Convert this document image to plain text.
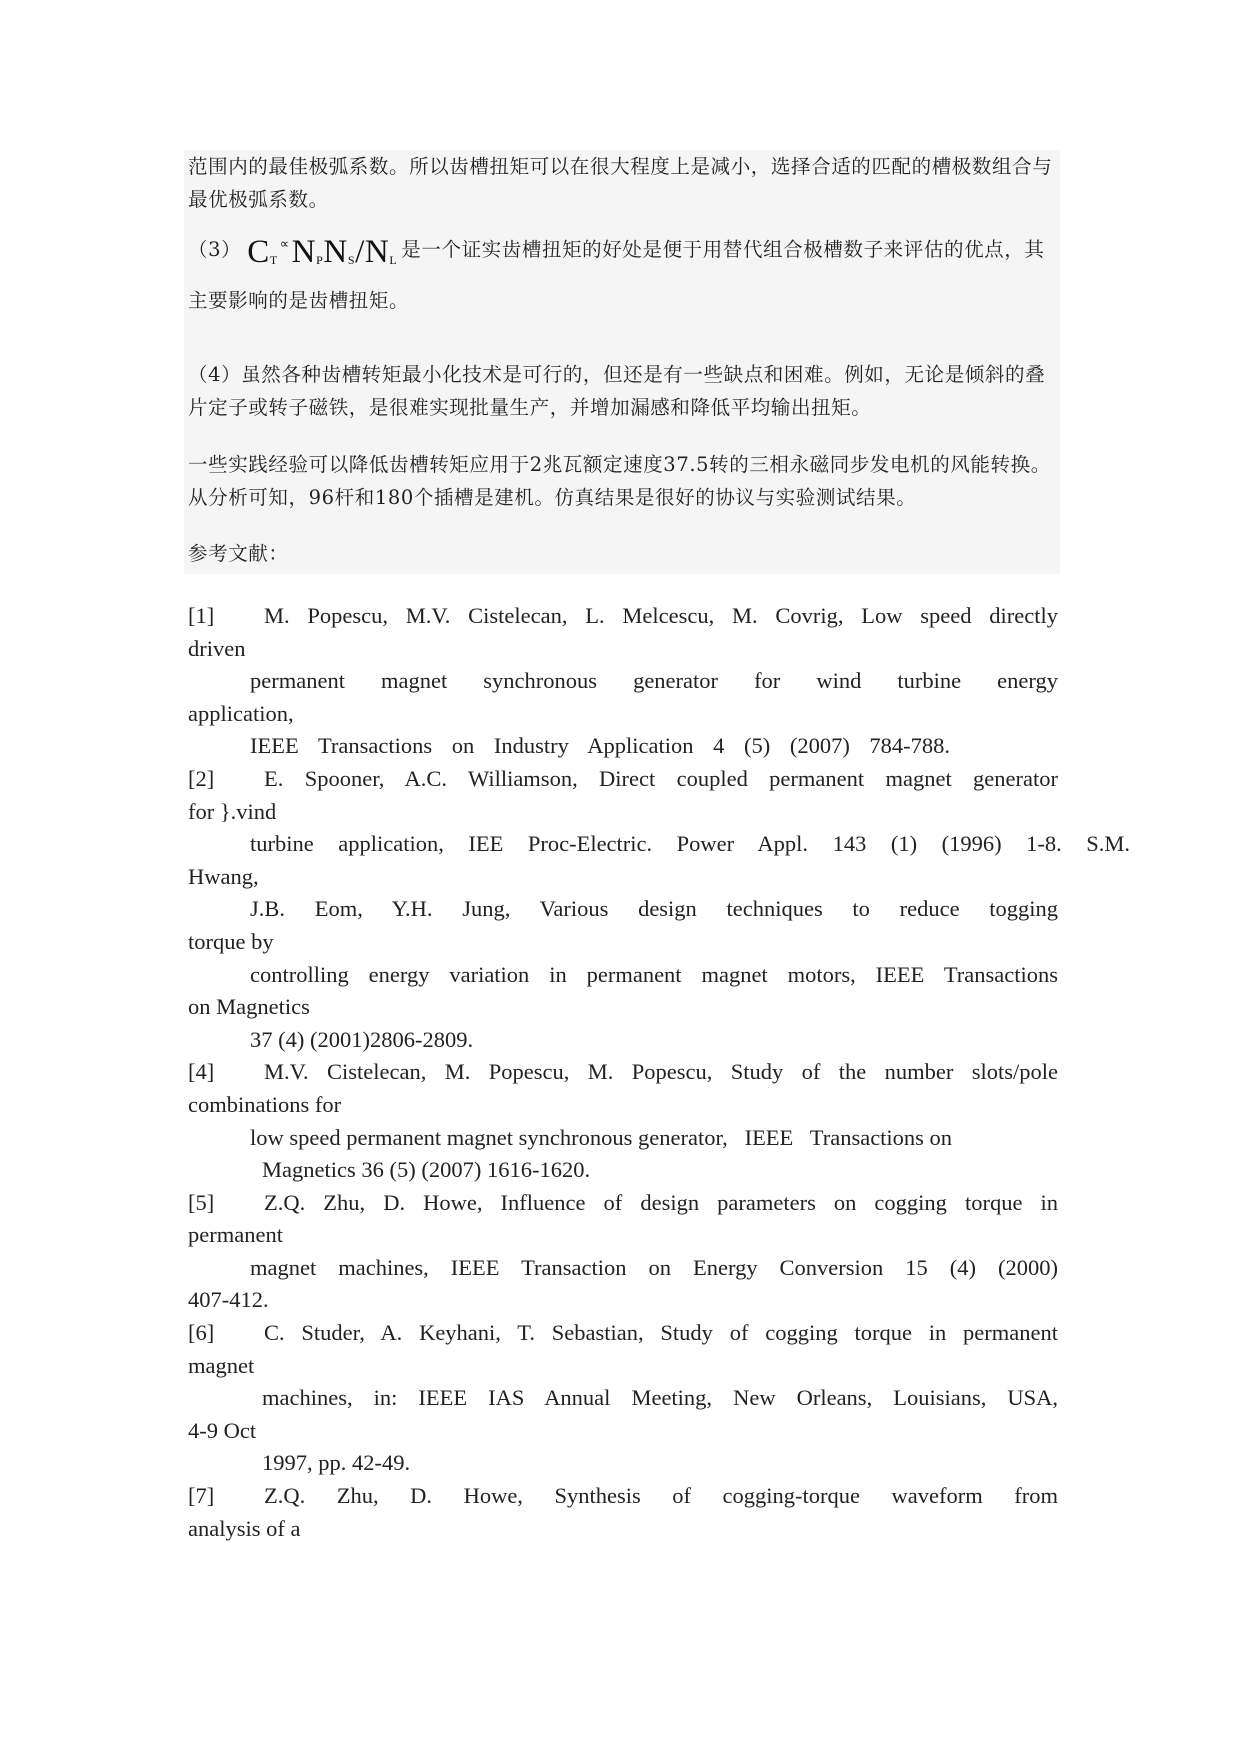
范围内的最佳极弧系数。所以齿槽扭矩可以在很大程度上是减小，选择合适的匹配的槽极数组合与最优极弧系数。

（3） $C_T^\propto N_PN_S/N_L$ 是一个证实齿槽扭矩的好处是便于用替代组合极槽数子来评估的优点，其主要影响的是齿槽扭矩。

（4）虽然各种齿槽转矩最小化技术是可行的，但还是有一些缺点和困难。例如，无论是倾斜的叠片定子或转子磁铁，是很难实现批量生产，并增加漏感和降低平均输出扭矩。

一些实践经验可以降低齿槽转矩应用于2兆瓦额定速度37.5转的三相永磁同步发电机的风能转换。从分析可知，96杆和180个插槽是建机。仿真结果是很好的协议与实验测试结果。

参考文献：

[1] M. Popescu, M.V. Cistelecan, L. Melcescu, M. Covrig, Low speed directly
driven
permanent magnet synchronous generator for wind turbine energy
application,
IEEE Transactions on Industry Application 4 (5) (2007) 784-788.
[2] E. Spooner, A.C. Williamson, Direct coupled permanent magnet generator
for }.vind
turbine application, IEE Proc-Electric. Power Appl. 143 (1) (1996) 1-8. S.M.
Hwang,
J.B. Eom, Y.H. Jung, Various design techniques to reduce togging
torque by
controlling energy variation in permanent magnet motors, IEEE Transactions
on Magnetics
37 (4) (2001)2806-2809.
[4] M.V. Cistelecan, M. Popescu, M. Popescu, Study of the number slots/pole
combinations for
low speed permanent magnet synchronous generator,   IEEE   Transactions on
Magnetics 36 (5) (2007) 1616-1620.
[5] Z.Q. Zhu, D. Howe, Influence of design parameters on cogging torque in
permanent
magnet machines, IEEE Transaction on Energy Conversion 15 (4) (2000)
407-412.
[6] C. Studer, A. Keyhani, T. Sebastian, Study of cogging torque in permanent
magnet
machines, in: IEEE IAS Annual Meeting, New Orleans, Louisians, USA,
4-9 Oct
1997, pp. 42-49.
[7] Z.Q. Zhu, D. Howe, Synthesis of cogging-torque waveform from
analysis of a
